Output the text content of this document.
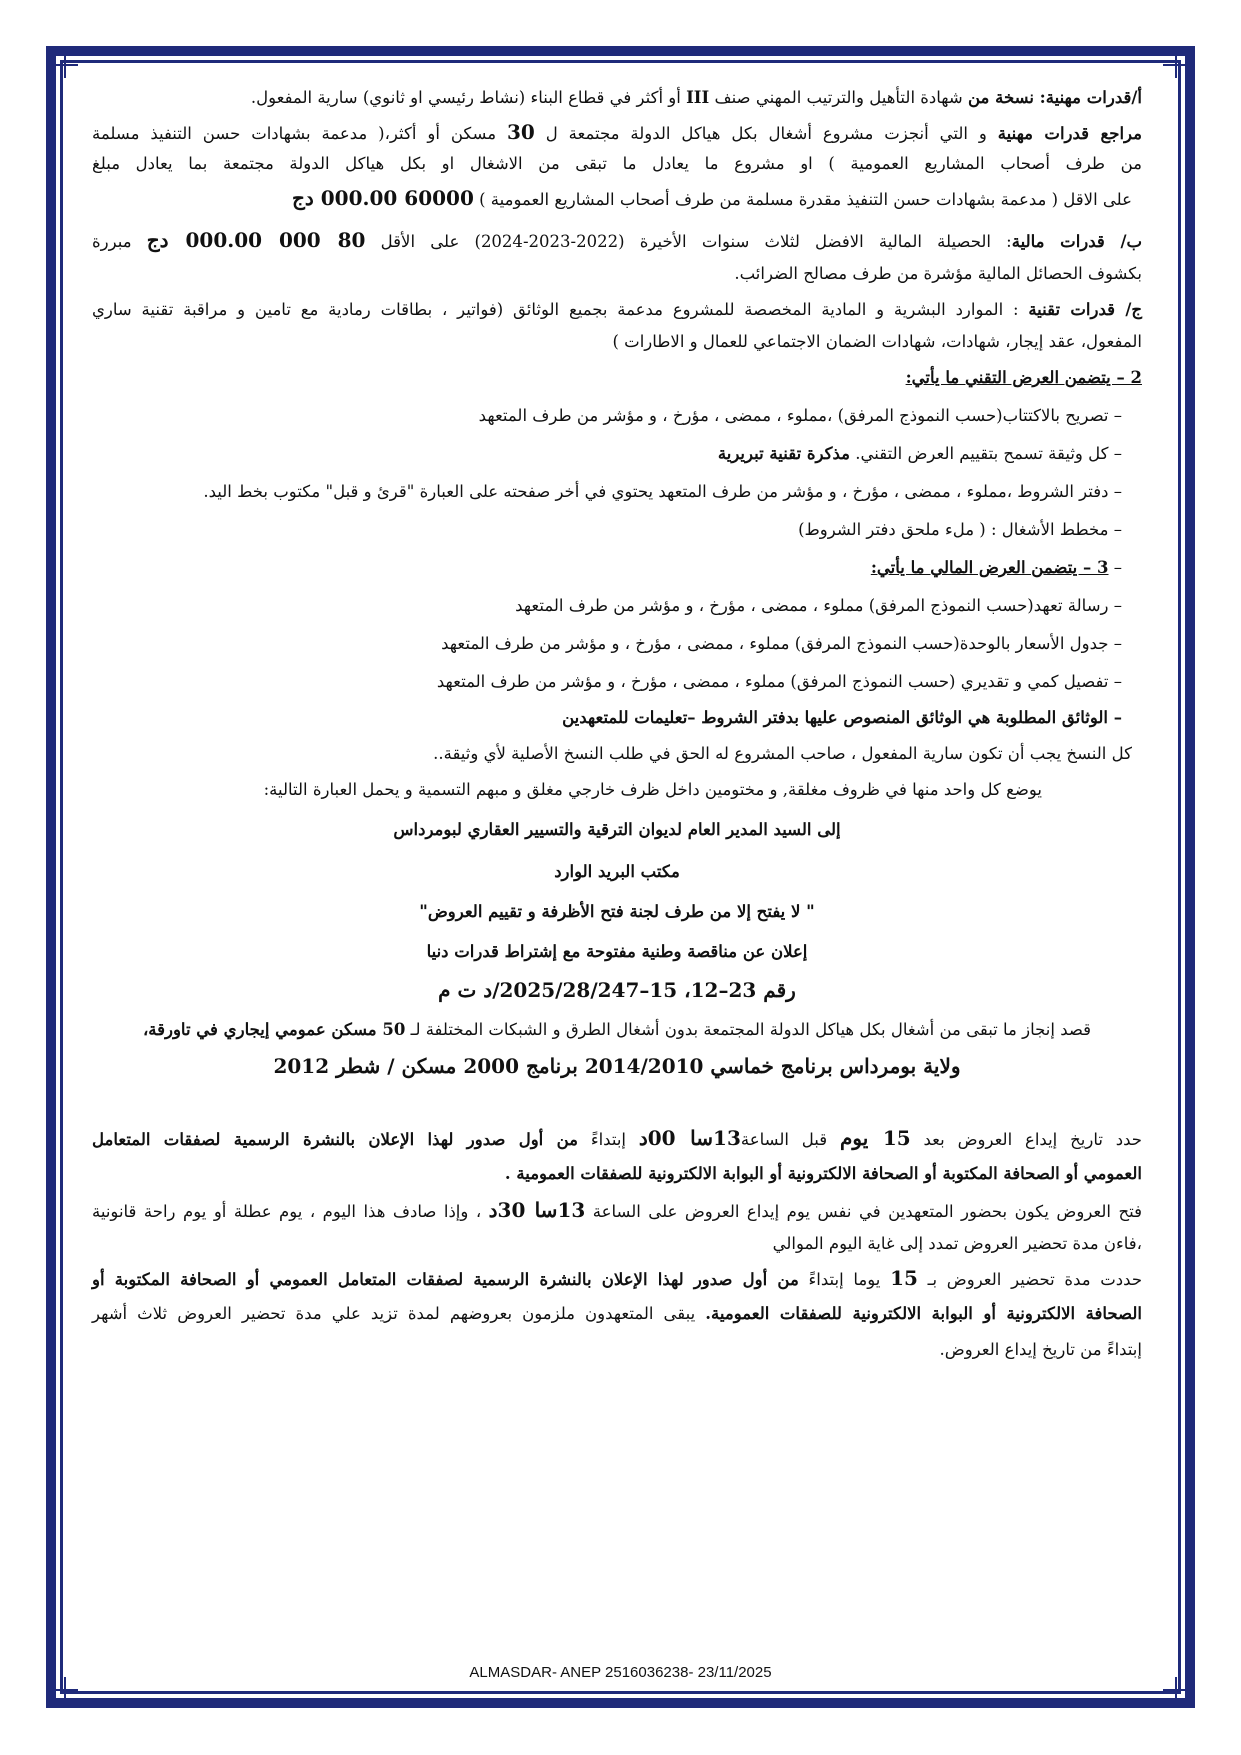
أ/قدرات مهنية: نسخة من شهادة التأهيل والترتيب المهني صنف III أو أكثر في قطاع البناء (نشاط رئيسي او ثانوي) سارية المفعول.
مراجع قدرات مهنية و التي أنجزت مشروع أشغال بكل هياكل الدولة مجتمعة ل 30 مسكن أو أكثر،( مدعمة بشهادات حسن التنفيذ مسلمة
من طرف أصحاب المشاريع العمومية ) او مشروع ما يعادل ما تبقى من الاشغال او بكل هياكل الدولة مجتمعة بما يعادل مبلغ
على الاقل ( مدعمة بشهادات حسن التنفيذ مقدرة مسلمة من طرف أصحاب المشاريع العمومية ) 60000 000.00 دج
ب/ قدرات مالية: الحصيلة المالية الافضل لثلاث سنوات الأخيرة (2022-2023-2024) على الأقل 80 000 000.00 دج مبررة
بكشوف الحصائل المالية مؤشرة من طرف مصالح الضرائب.
ج/ قدرات تقنية : الموارد البشرية و المادية المخصصة للمشروع مدعمة بجميع الوثائق (فواتير ، بطاقات رمادية مع تامين و مراقبة تقنية ساري
المفعول، عقد إيجار، شهادات، شهادات الضمان الاجتماعي للعمال و الاطارات )
2 – يتضمن العرض التقني ما يأتي:
– تصريح بالاكتتاب(حسب النموذج المرفق) ،مملوء ، ممضى ، مؤرخ ، و مؤشر من طرف المتعهد
– كل وثيقة تسمح بتقييم العرض التقني. مذكرة تقنية تبريرية
– دفتر الشروط ،مملوء ، ممضى ، مؤرخ ، و مؤشر من طرف المتعهد يحتوي في أخر صفحته على العبارة "قرئ و قبل" مكتوب بخط اليد.
– مخطط الأشغال : ( ملء ملحق دفتر الشروط)
– 3 – يتضمن العرض المالي ما يأتي:
– رسالة تعهد(حسب النموذج المرفق) مملوء ، ممضى ، مؤرخ ، و مؤشر من طرف المتعهد
– جدول الأسعار بالوحدة(حسب النموذج المرفق) مملوء ، ممضى ، مؤرخ ، و مؤشر من طرف المتعهد
– تفصيل كمي و تقديري (حسب النموذج المرفق) مملوء ، ممضى ، مؤرخ ، و مؤشر من طرف المتعهد
– الوثائق المطلوبة هي الوثائق المنصوص عليها بدفتر الشروط –تعليمات للمتعهدين
كل النسخ يجب أن تكون سارية المفعول ، صاحب المشروع له الحق في طلب النسخ الأصلية لأي وثيقة..
يوضع كل واحد منها في ظروف مغلقة, و مختومين داخل ظرف خارجي مغلق و مبهم التسمية و يحمل العبارة التالية:
إلى السيد المدير العام لديوان الترقية والتسيير العقاري لبومرداس
مكتب البريد الوارد
" لا يفتح إلا من طرف لجنة فتح الأظرفة و تقييم العروض"
إعلان عن مناقصة وطنية مفتوحة مع إشتراط قدرات دنيا
رقم 23–12، 15–2025/28/247/د ت م
قصد إنجاز ما تبقى من أشغال بكل هياكل الدولة المجتمعة بدون أشغال الطرق و الشبكات المختلفة لـ 50 مسكن عمومي إيجاري في تاورقة،
ولاية بومرداس برنامج خماسي 2014/2010 برنامج 2000 مسكن / شطر 2012
حدد تاريخ إيداع العروض بعد 15 يوم قبل الساعة13سا 00د إبتداءً من أول صدور لهذا الإعلان بالنشرة الرسمية لصفقات المتعامل
العمومي أو الصحافة المكتوبة أو الصحافة الالكترونية أو البوابة الالكترونية للصفقات العمومية .
فتح العروض يكون بحضور المتعهدين في نفس يوم إيداع العروض على الساعة 13سا 30د ، وإذا صادف هذا اليوم ، يوم عطلة أو يوم راحة قانونية
،فاءن مدة تحضير العروض تمدد إلى غاية اليوم الموالي
حددت مدة تحضير العروض بـ 15 يوما إبتداءً من أول صدور لهذا الإعلان بالنشرة الرسمية لصفقات المتعامل العمومي أو الصحافة المكتوبة أو
الصحافة الالكترونية أو البوابة الالكترونية للصفقات العمومية. يبقى المتعهدون ملزمون بعروضهم لمدة تزيد علي مدة تحضير العروض ثلاث أشهر
إبتداءً من تاريخ إيداع العروض.
ALMASDAR- ANEP 2516036238- 23/11/2025
